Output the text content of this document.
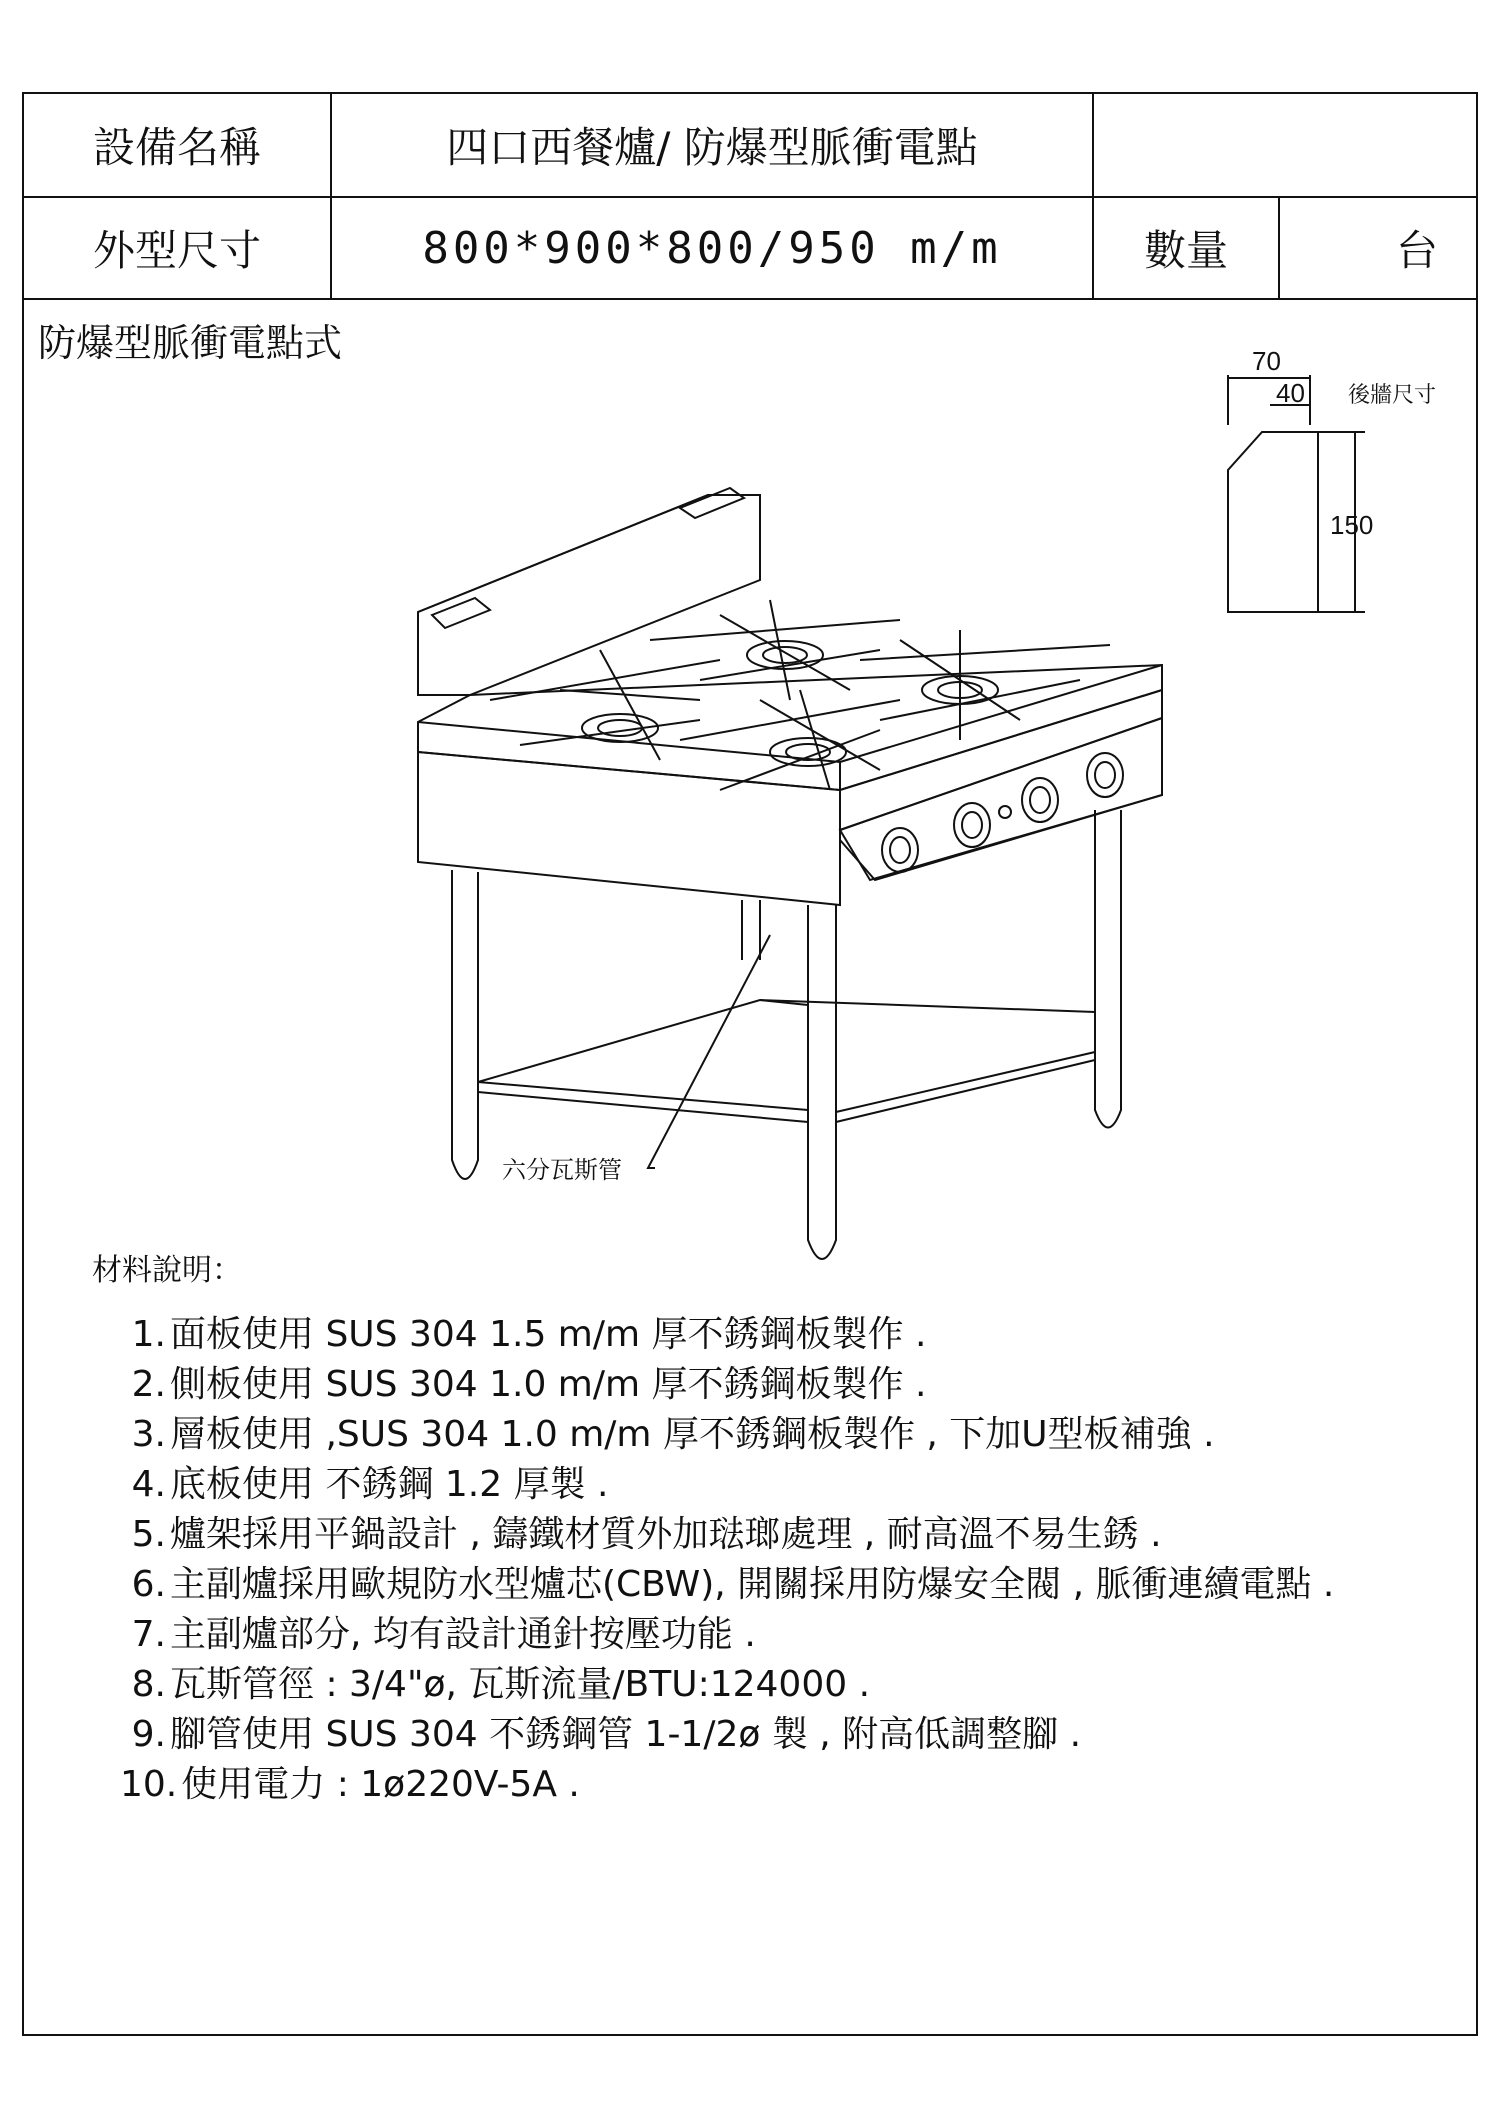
設備名稱	四口西餐爐/ 防爆型脈衝電點
外型尺寸	800*900*800/950 m/m	數量	台
防爆型脈衝電點式	70
40
150
後牆尺寸
六分瓦斯管
材料說明：
1. 面板使用 SUS 304 1.5 m/m 厚不銹鋼板製作 .
2. 側板使用 SUS 304 1.0 m/m 厚不銹鋼板製作 .
3. 層板使用 ,SUS 304 1.0 m/m 厚不銹鋼板製作 , 下加U型板補強 .
4. 底板使用 不銹鋼 1.2 厚製 .
5. 爐架採用平鍋設計 , 鑄鐵材質外加琺瑯處理 , 耐高溫不易生銹 .
6. 主副爐採用歐規防水型爐芯(CBW), 開關採用防爆安全閥 , 脈衝連續電點 .
7. 主副爐部分, 均有設計通針按壓功能 .
8. 瓦斯管徑 : 3/4"ø, 瓦斯流量/BTU:124000 .
9. 腳管使用 SUS 304 不銹鋼管 1-1/2ø 製 , 附高低調整腳 .
10. 使用電力 : 1ø220V-5A .
